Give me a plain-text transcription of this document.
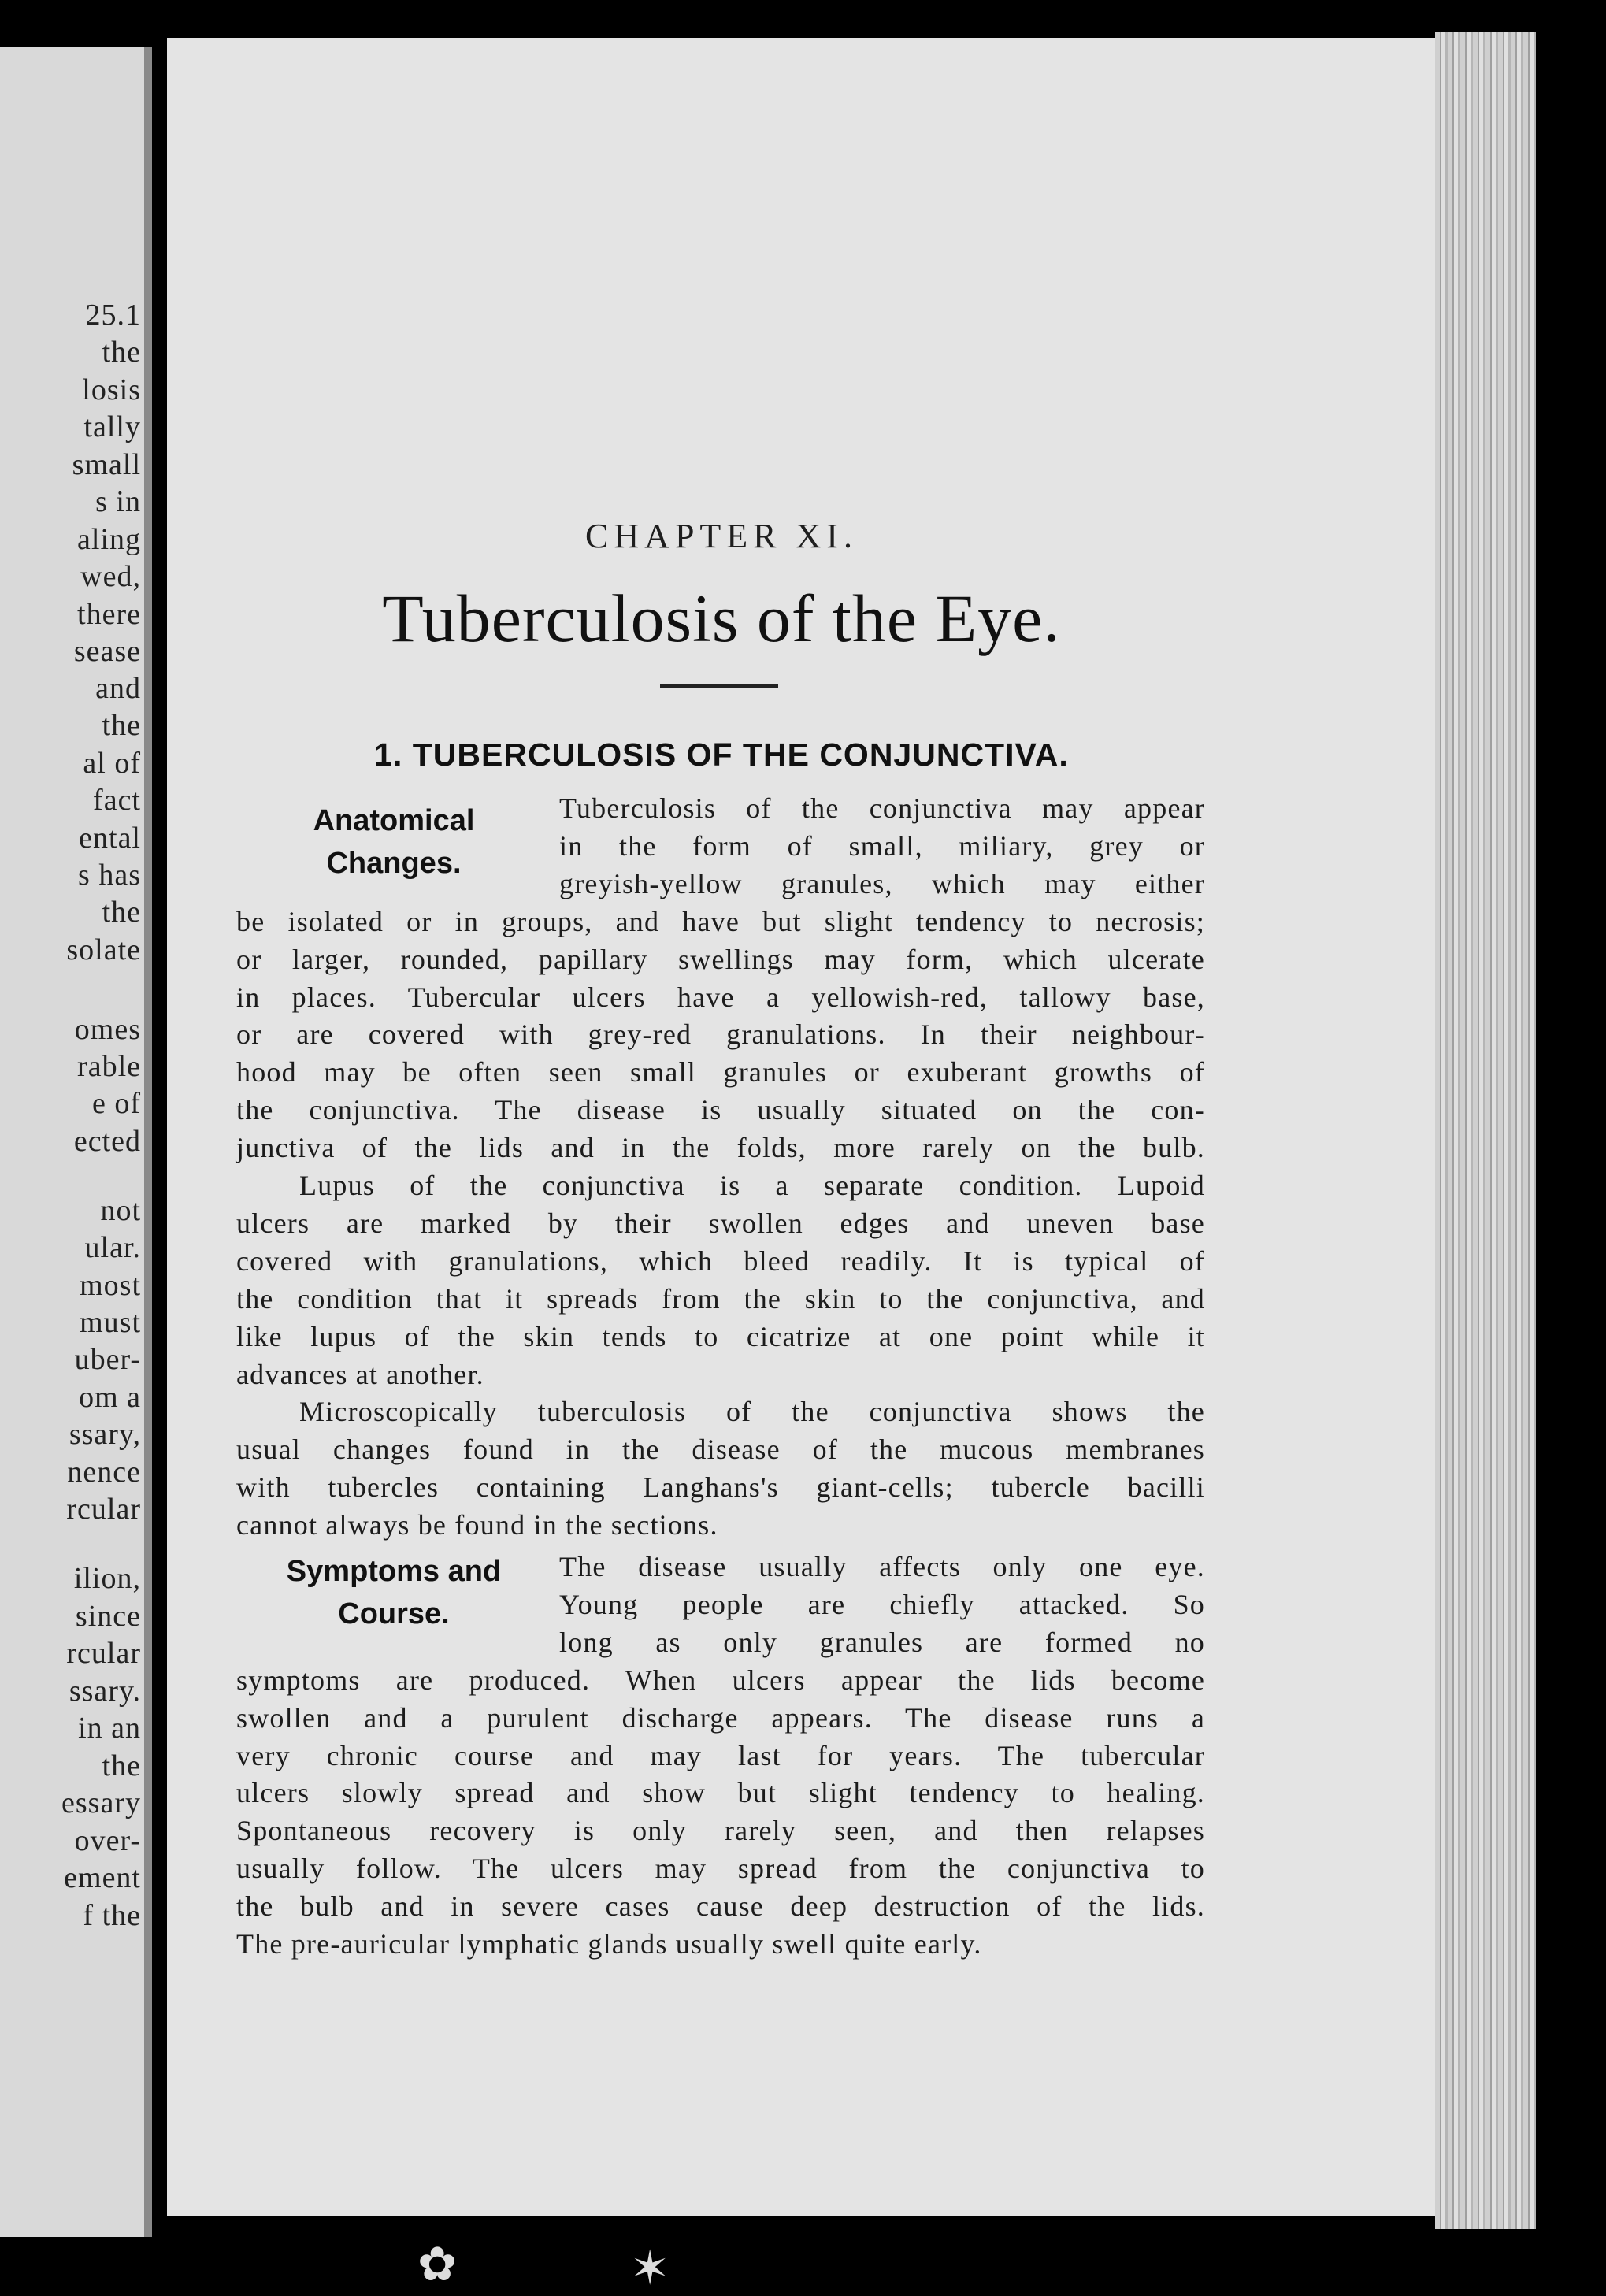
25.1
the
losis
tally
small
s in
aling
wed,
there
sease
and
the
al of
fact
ental
s has
the
solate
omes
rable
e of
ected
not
ular.
most
must
uber-
om a
ssary,
nence
rcular
ilion,
since
rcular
ssary.
in an
the
essary
over-
ement
f the
CHAPTER XI.
Tuberculosis of the Eye.
1. TUBERCULOSIS OF THE CONJUNCTIVA.
Anatomical
Changes.
Symptoms and
Course.
Tuberculosis of the conjunctiva may appear
in the form of small, miliary, grey or
greyish-yellow granules, which may either
be isolated or in groups, and have but slight tendency to necrosis;
or larger, rounded, papillary swellings may form, which ulcerate
in places. Tubercular ulcers have a yellowish-red, tallowy base,
or are covered with grey-red granulations. In their neighbour-
hood may be often seen small granules or exuberant growths of
the conjunctiva. The disease is usually situated on the con-
junctiva of the lids and in the folds, more rarely on the bulb.
Lupus of the conjunctiva is a separate condition. Lupoid
ulcers are marked by their swollen edges and uneven base
covered with granulations, which bleed readily. It is typical of
the condition that it spreads from the skin to the conjunctiva, and
like lupus of the skin tends to cicatrize at one point while it
advances at another.
Microscopically tuberculosis of the conjunctiva shows the
usual changes found in the disease of the mucous membranes
with tubercles containing Langhans's giant-cells; tubercle bacilli
cannot always be found in the sections.
The disease usually affects only one eye.
Young people are chiefly attacked. So
long as only granules are formed no
symptoms are produced. When ulcers appear the lids become
swollen and a purulent discharge appears. The disease runs a
very chronic course and may last for years. The tubercular
ulcers slowly spread and show but slight tendency to healing.
Spontaneous recovery is only rarely seen, and then relapses
usually follow. The ulcers may spread from the conjunctiva to
the bulb and in severe cases cause deep destruction of the lids.
The pre-auricular lymphatic glands usually swell quite early.
✿	✶
